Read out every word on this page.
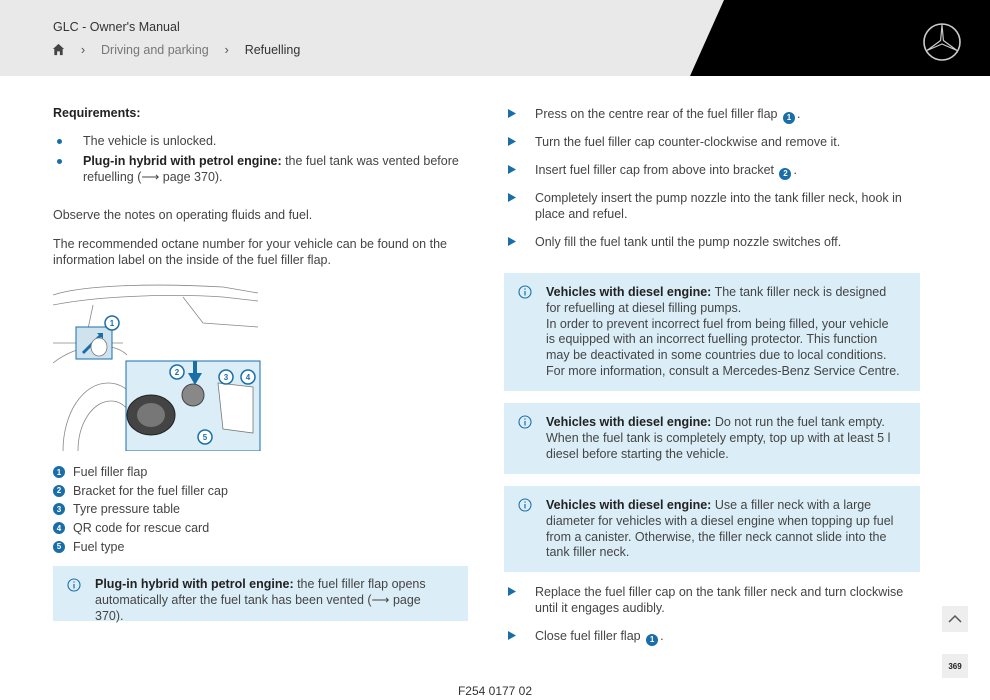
GLC - Owner's Manual
›	Driving and parking	›	Refuelling
Requirements:
The vehicle is unlocked.
Plug-in hybrid with petrol engine: the fuel tank was vented before refuelling (⟶ page 370).

Observe the notes on operating fluids and fuel.

The recommended octane number for your vehicle can be found on the information label on the inside of the fuel filler flap.

1
2
3 4
5
1 Fuel filler flap
2 Bracket for the fuel filler cap
3 Tyre pressure table
4 QR code for rescue card
5 Fuel type
Plug-in hybrid with petrol engine: the fuel filler flap opens automatically after the fuel tank has been vented (⟶ page 370).
Press on the centre rear of the fuel filler flap 1 .
Turn the fuel filler cap counter-clockwise and remove it.
Insert fuel filler cap from above into bracket 2 .
Completely insert the pump nozzle into the tank filler neck, hook in place and refuel.
Only fill the fuel tank until the pump nozzle switches off.
Vehicles with diesel engine: The tank filler neck is designed for refuelling at diesel filling pumps.
In order to prevent incorrect fuel from being filled, your vehicle is equipped with an incorrect fuelling protector. This function may be deactivated in some countries due to local conditions. For more information, consult a Mercedes-Benz Service Centre.
Vehicles with diesel engine: Do not run the fuel tank empty. When the fuel tank is completely empty, top up with at least 5 l diesel before starting the vehicle.
Vehicles with diesel engine: Use a filler neck with a large diameter for vehicles with a diesel engine when topping up fuel from a canister. Otherwise, the filler neck cannot slide into the tank filler neck.
Replace the fuel filler cap on the tank filler neck and turn clockwise until it engages audibly.
Close fuel filler flap 1 .
369
F254 0177 02
